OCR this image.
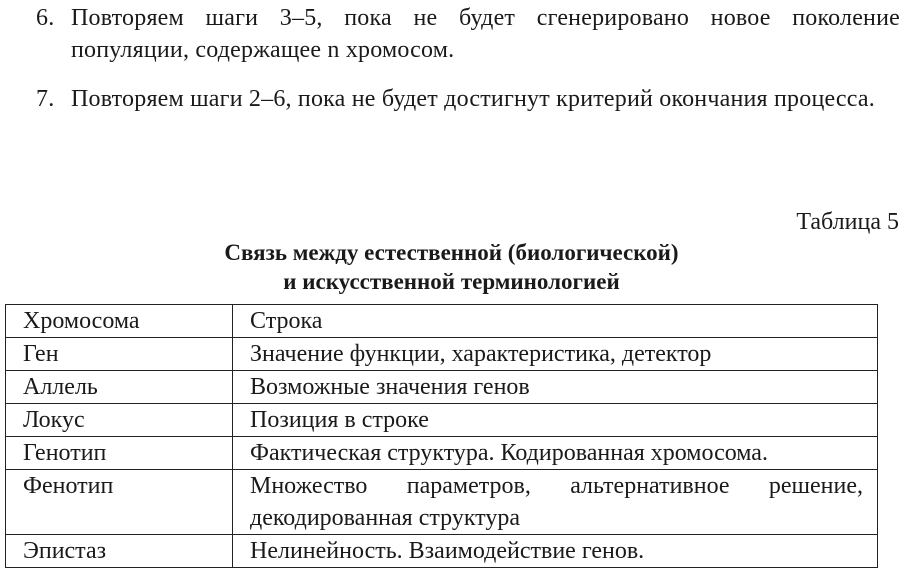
6. Повторяем шаги 3–5, пока не будет сгенерировано новое поколение популяции, содержащее n хромосом.
7. Повторяем шаги 2–6, пока не будет достигнут критерий окончания процесса.
Таблица 5
Связь между естественной (биологической)
и искусственной терминологией
Хромосома	Строка
Ген	Значение функции, характеристика, детектор
Аллель	Возможные значения генов
Локус	Позиция в строке
Генотип	Фактическая структура. Кодированная хромосома.
Фенотип	Множество параметров, альтернативное решение, декодированная структура
Эпистаз	Нелинейность. Взаимодействие генов.
